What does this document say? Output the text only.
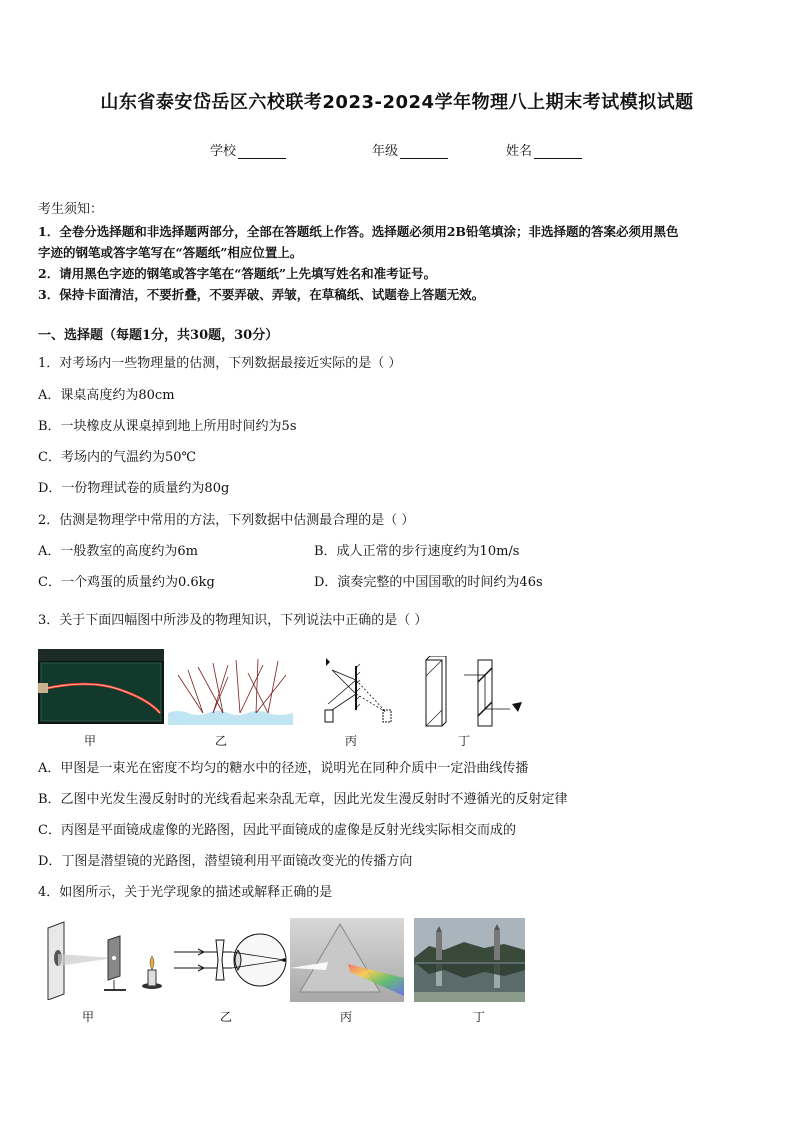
山东省泰安岱岳区六校联考2023-2024学年物理八上期末考试模拟试题
学校	年级	姓名
考生须知：
1．全卷分选择题和非选择题两部分，全部在答题纸上作答。选择题必须用2B铅笔填涂；非选择题的答案必须用黑色
字迹的钢笔或答字笔写在“答题纸”相应位置上。
2．请用黑色字迹的钢笔或答字笔在“答题纸”上先填写姓名和准考证号。
3．保持卡面清洁，不要折叠，不要弄破、弄皱，在草稿纸、试题卷上答题无效。
一、选择题（每题1分，共30题，30分）
1．对考场内一些物理量的估测，下列数据最接近实际的是（ ）
A．课桌高度约为80cm
B．一块橡皮从课桌掉到地上所用时间约为5s
C．考场内的气温约为50℃
D．一份物理试卷的质量约为80g
2．估测是物理学中常用的方法，下列数据中估测最合理的是（ ）
A．一般教室的高度约为6m	B．成人正常的步行速度约为10m/s
C．一个鸡蛋的质量约为0.6kg	D．演奏完整的中国国歌的时间约为46s
3．关于下面四幅图中所涉及的物理知识，下列说法中正确的是（ ）
甲	乙	丙	丁
A．甲图是一束光在密度不均匀的糖水中的径迹，说明光在同种介质中一定沿曲线传播
B．乙图中光发生漫反射时的光线看起来杂乱无章，因此光发生漫反射时不遵循光的反射定律
C．丙图是平面镜成虚像的光路图，因此平面镜成的虚像是反射光线实际相交而成的
D．丁图是潜望镜的光路图，潜望镜利用平面镜改变光的传播方向
4．如图所示，关于光学现象的描述或解释正确的是
甲	乙	丙	丁
